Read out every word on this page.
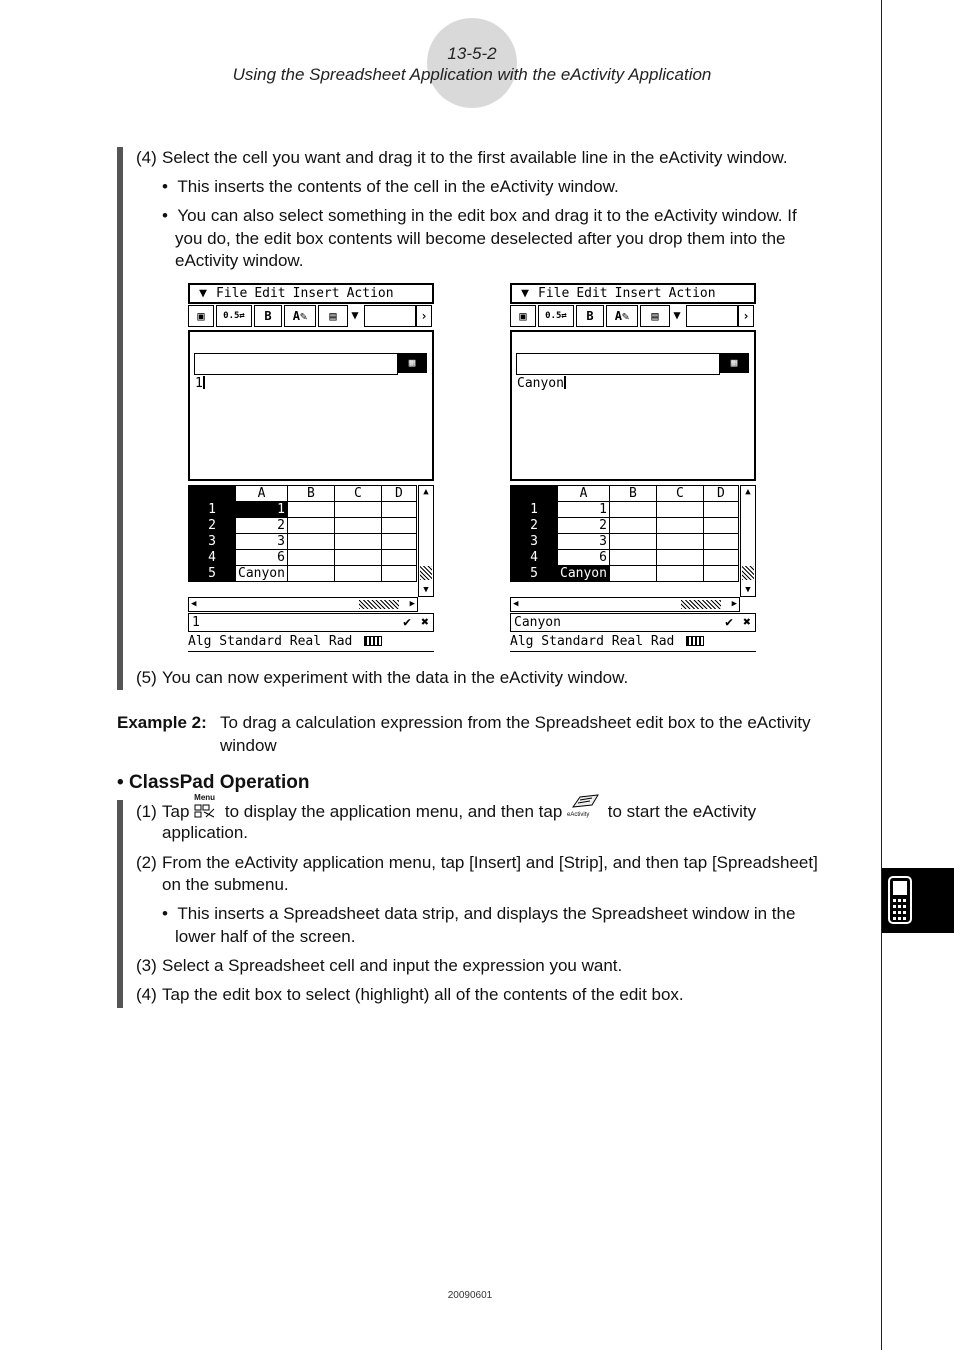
13-5-2
Using the Spreadsheet Application with the eActivity Application
(4) Select the cell you want and drag it to the first available line in the eActivity window.
•  This inserts the contents of the cell in the eActivity window.
•  You can also select something in the edit box and drag it to the eActivity window. If
you do, the edit box contents will become deselected after you drop them into the
eActivity window.
▼ File Edit Insert Action
▣	0.5⇄	B	A✎	▤	▼	›
▦
1
	A	B	C	D
1	1			
2	2			
3	3			
4	6			
5	Canyon			
▲
▼
◀	▶
1	✔ ✖
Alg Standard Real Rad
▼ File Edit Insert Action
▣	0.5⇄	B	A✎	▤	▼	›
▦
Canyon
	A	B	C	D
1	1			
2	2			
3	3			
4	6			
5	Canyon			
▲
▼
◀	▶
Canyon	✔ ✖
Alg Standard Real Rad
(5) You can now experiment with the data in the eActivity window.
Example 2: To drag a calculation expression from the Spreadsheet edit box to the eActivity
window
• ClassPad Operation
(1) Tap
Menu
to display the application menu, and then tap eActivity to start the eActivity
application.
(2) From the eActivity application menu, tap [Insert] and [Strip], and then tap [Spreadsheet]
on the submenu.
•  This inserts a Spreadsheet data strip, and displays the Spreadsheet window in the
lower half of the screen.
(3) Select a Spreadsheet cell and input the expression you want.
(4) Tap the edit box to select (highlight) all of the contents of the edit box.
20090601
